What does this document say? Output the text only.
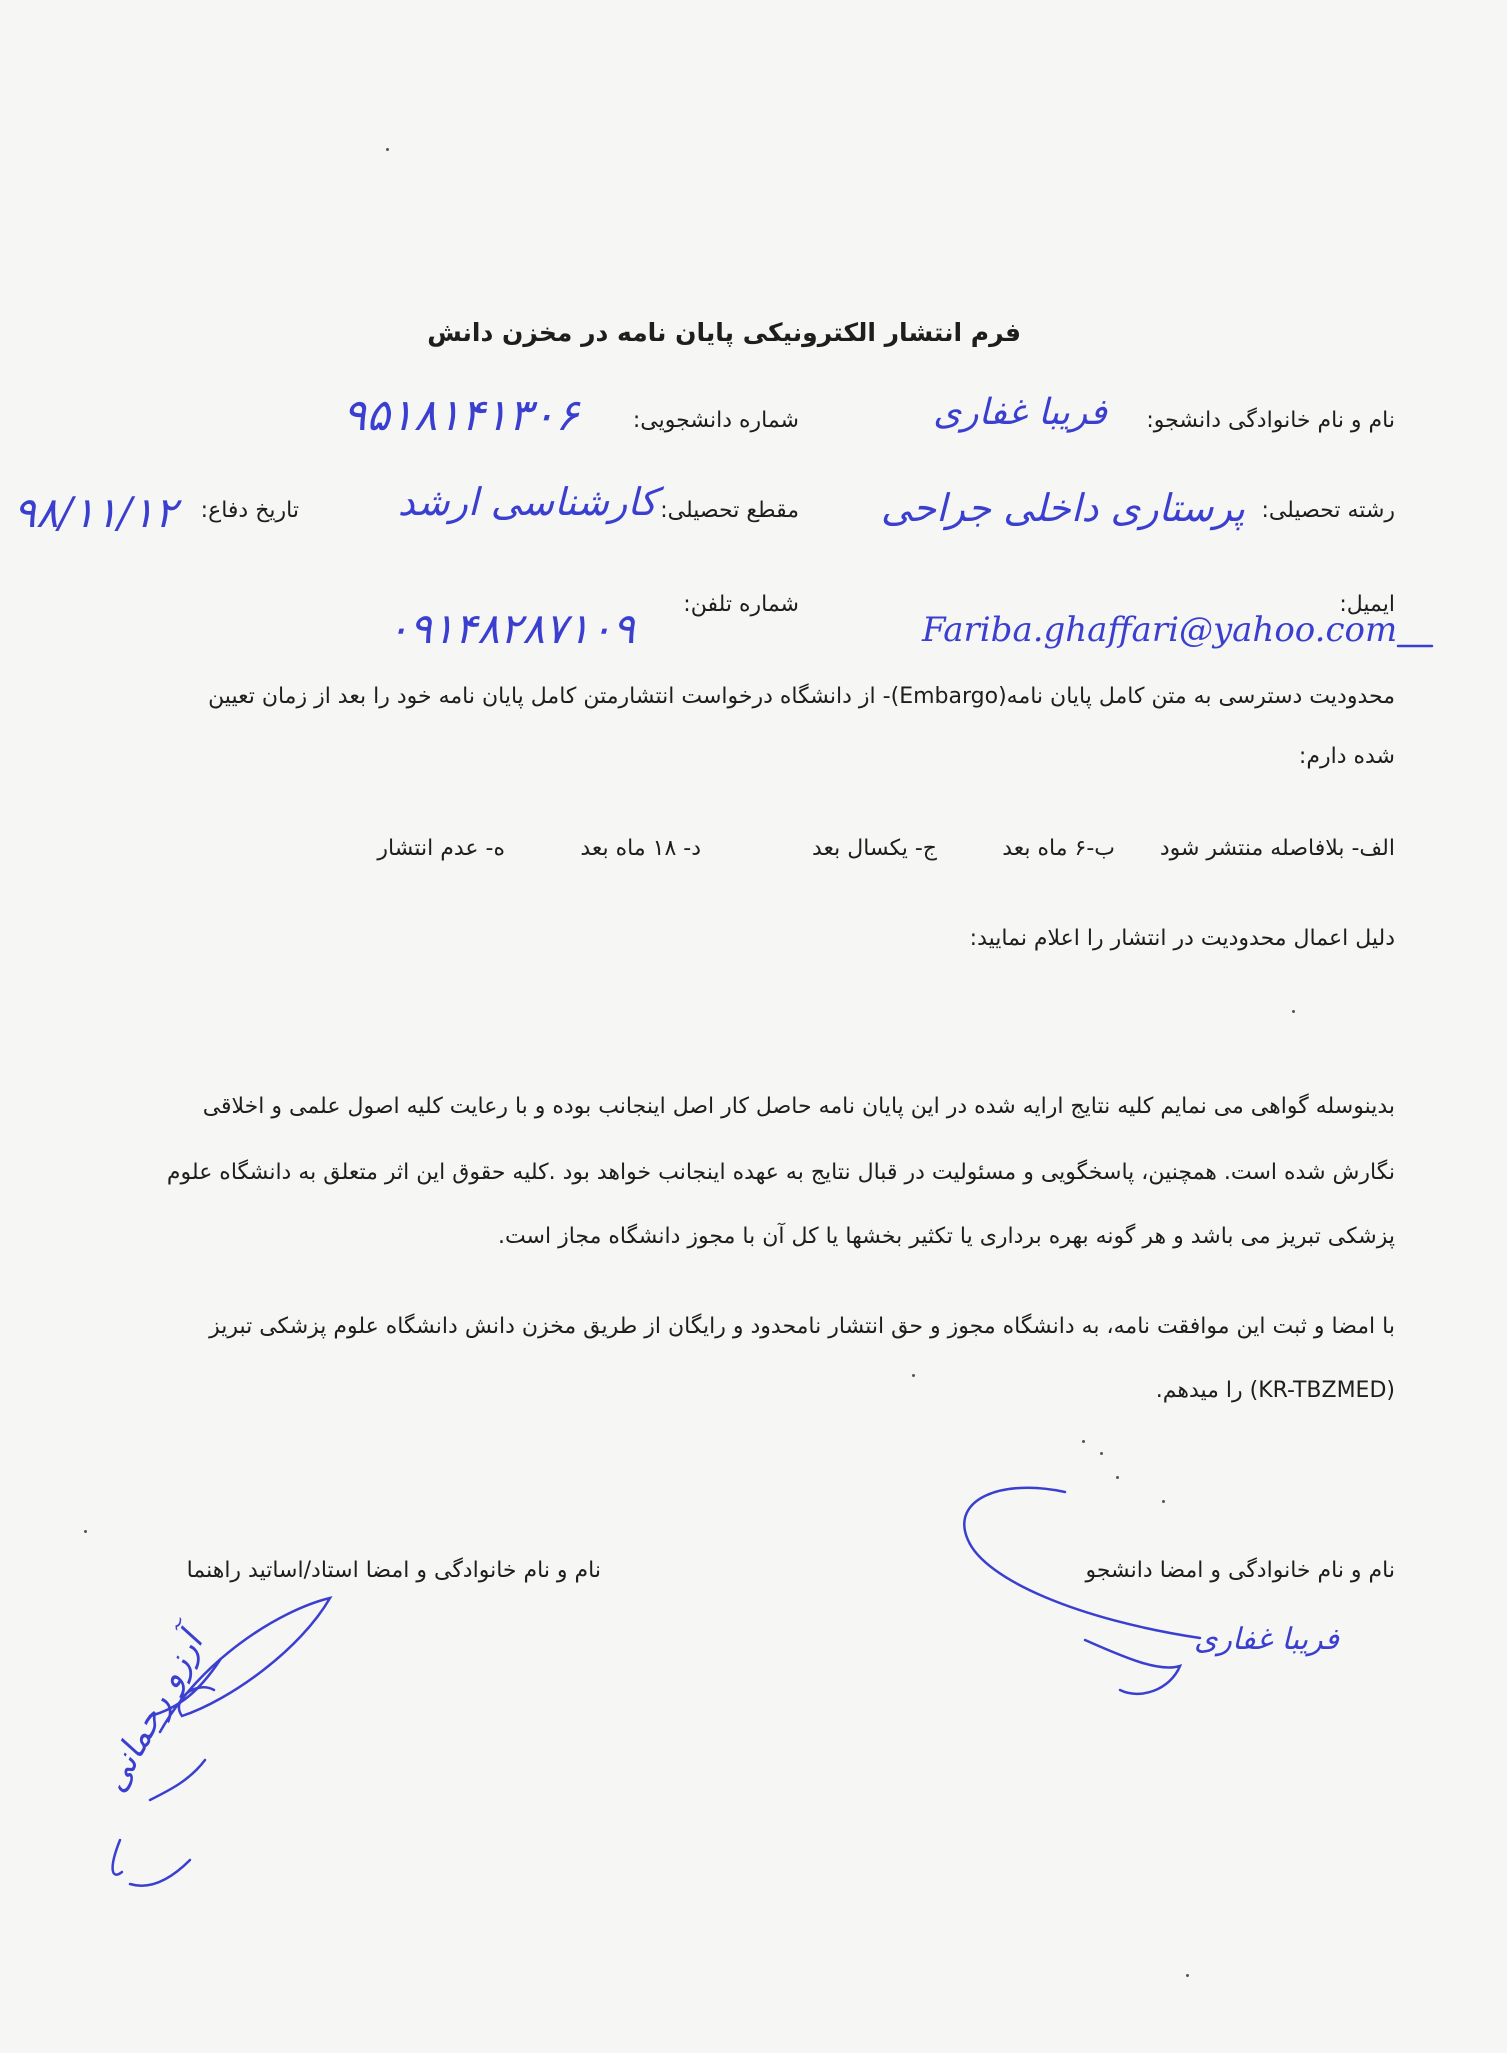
فرم انتشار الکترونیکی پایان نامه در مخزن دانش
نام و نام خانوادگی دانشجو:
فریبا غفاری
شماره دانشجویی:
۹۵۱۸۱۴۱۳۰۶
رشته تحصیلی:
پرستاری داخلی جراحی
مقطع تحصیلی:
کارشناسی ارشد
تاریخ دفاع:
۹۸/۱۱/۱۲
ایمیل:
Fariba.ghaffari@yahoo.com
شماره تلفن:
۰۹۱۴۸۲۸۷۱۰۹
محدودیت دسترسی به متن کامل پایان نامه(Embargo)- از دانشگاه درخواست انتشارمتن کامل پایان نامه خود را بعد از زمان تعیین
شده دارم:
الف- بلافاصله منتشر شود
ب-۶ ماه بعد
ج- یکسال بعد
د- ۱۸ ماه بعد
ه- عدم انتشار
دلیل اعمال محدودیت در انتشار را اعلام نمایید:
بدینوسله گواهی می نمایم کلیه نتایج ارایه شده در این پایان نامه حاصل کار اصل اینجانب بوده و با رعایت کلیه اصول علمی و اخلاقی
نگارش شده است. همچنین، پاسخگویی و مسئولیت در قبال نتایج به عهده اینجانب خواهد بود .کلیه حقوق این اثر متعلق به دانشگاه علوم
پزشکی تبریز می باشد و هر گونه بهره برداری یا تکثیر بخشها یا کل آن با مجوز دانشگاه مجاز است.
با امضا و ثبت این موافقت نامه، به دانشگاه مجوز و حق انتشار نامحدود و رایگان از طریق مخزن دانش دانشگاه علوم پزشکی تبریز
(KR-TBZMED) را میدهم.
نام و نام خانوادگی و امضا دانشجو
نام و نام خانوادگی و امضا استاد/اساتید راهنما
فریبا غفاری
آرزو رحمانی
